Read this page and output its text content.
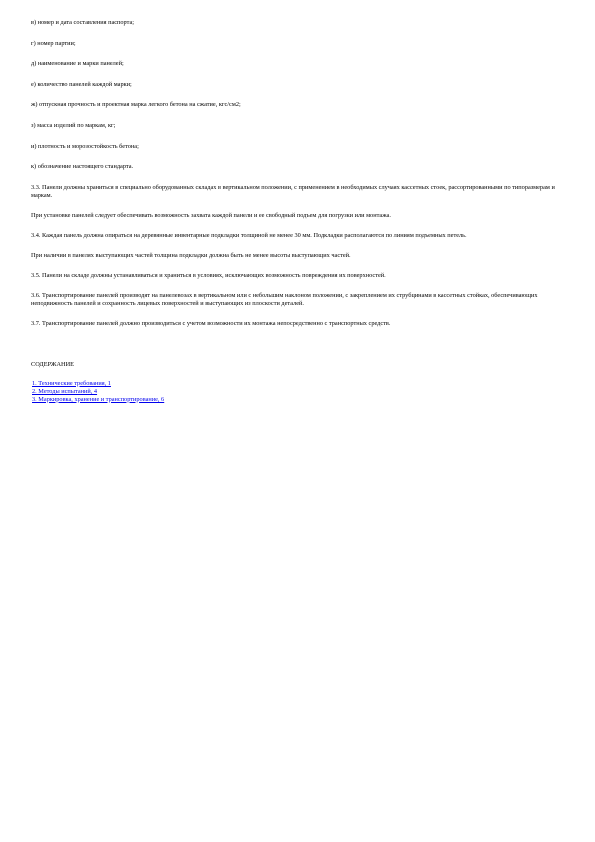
в) номер и дата составления паспорта;

г) номер партии;

д) наименование и марки панелей;

е) количество панелей каждой марки;

ж) отпускная прочность и проектная марка легкого бетона на сжатие, кгс/см2;

з) масса изделий по маркам, кг;

и) плотность и морозостойкость бетона;

к) обозначение настоящего стандарта.

3.3. Панели должны храниться в специально оборудованных складах в вертикальном положении, с применением в необходимых случаях кассетных стоек, рассортированными по типоразмерам и маркам.

При установке панелей следует обеспечивать возможность захвата каждой панели и ее свободный подъем для погрузки или монтажа.

3.4. Каждая панель должна опираться на деревянные инвентарные подкладки толщиной не менее 30 мм. Подкладки располагаются по линиям подъемных петель.

При наличии в панелях выступающих частей толщина подкладки должна быть не менее высоты выступающих частей.

3.5. Панели на складе должны устанавливаться и храниться в условиях, исключающих возможность повреждения их поверхностей.

3.6. Транспортирование панелей производят на панелевозах в вертикальном или с небольшим наклоном положении, с закреплением их струбцинами в кассетных стойках, обеспечивающих неподвижность панелей и сохранность лицевых поверхностей и выступающих из плоскости деталей.

3.7. Транспортирование панелей должно производиться с учетом возможности их монтажа непосредственно с транспортных средств.

СОДЕРЖАНИЕ

1. Технические требования, 1
2. Методы испытаний, 4
3. Маркировка, хранение и транспортирование, 6
